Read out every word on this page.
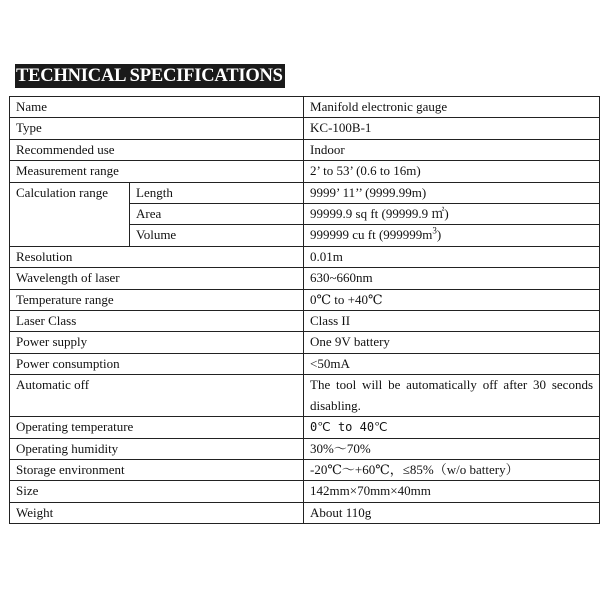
TECHNICAL SPECIFICATIONS
Name		Manifold electronic gauge
Type		KC-100B-1
Recommended use		Indoor
Measurement range		2’ to 53’ (0.6 to 16m)
Calculation range	Length	9999’ 11’’ (9999.99m)
	Area	99999.9 sq ft (99999.9 ㎡)
	Volume	999999 cu ft $(999999m^3)$
Resolution		0.01m
Wavelength of laser		630~660nm
Temperature range		0℃ to +40℃
Laser Class		Class II
Power supply		One 9V battery
Power consumption		<50mA
Automatic off		The tool will be automatically off after 30 seconds disabling.
Operating temperature		0℃ to 40℃
Operating humidity		30%～70%
Storage environment		-20℃～+60℃，≤85%（w/o battery）
Size		142mm×70mm×40mm
Weight		About 110g
